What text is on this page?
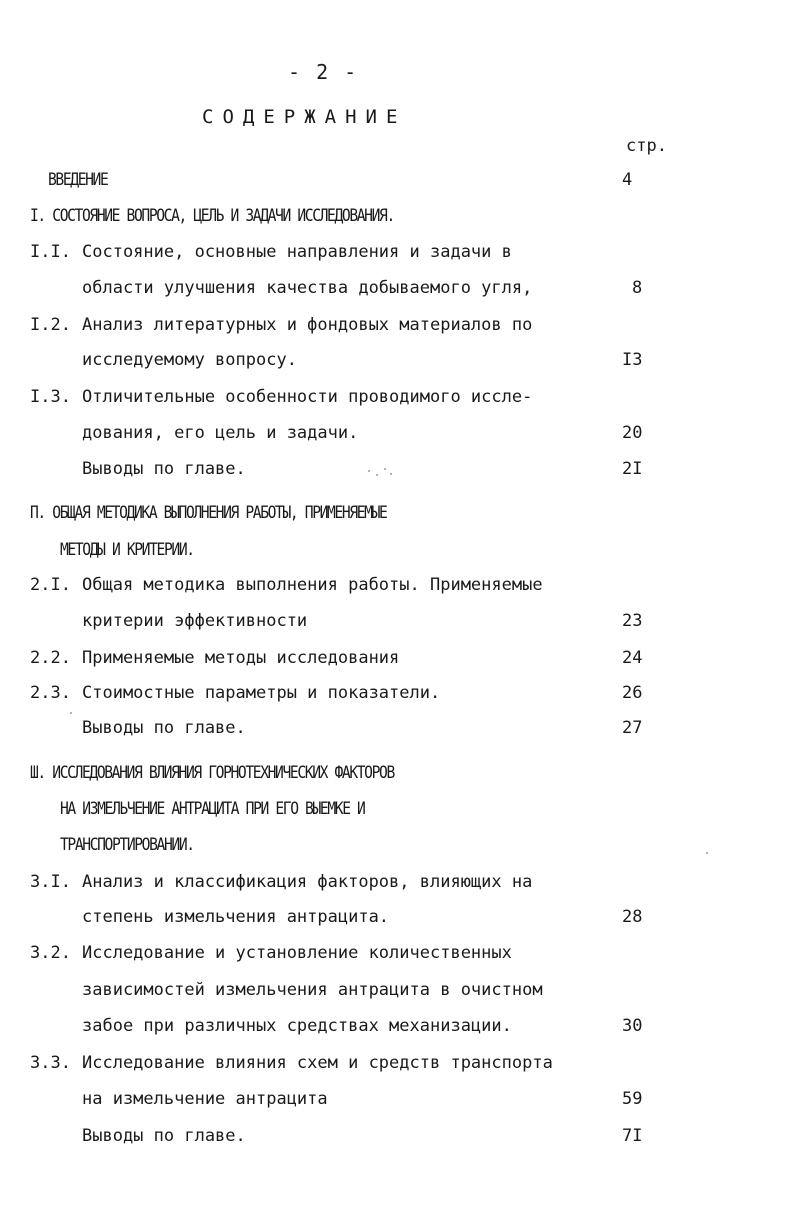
- 2 -
СОДЕРЖАНИЕ
стр.
ВВЕДЕНИЕ	4
I. СОСТОЯНИЕ ВОПРОСА, ЦЕЛЬ И ЗАДАЧИ ИССЛЕДОВАНИЯ.
I.I. Состояние, основные направления и задачи в
области улучшения качества добываемого угля,	8
I.2. Анализ литературных и фондовых материалов по
исследуемому вопросу.	I3
I.3. Отличительные особенности проводимого иссле-
дования, его цель и задачи.	20
Выводы по главе.	2I
П. ОБЩАЯ МЕТОДИКА ВЫПОЛНЕНИЯ РАБОТЫ, ПРИМЕНЯЕМЫЕ
МЕТОДЫ И КРИТЕРИИ.
2.I. Общая методика выполнения работы. Применяемые
критерии эффективности	23
2.2. Применяемые методы исследования	24
2.3. Стоимостные параметры и показатели.	26
Выводы по главе.	27
Ш. ИССЛЕДОВАНИЯ ВЛИЯНИЯ ГОРНОТЕХНИЧЕСКИХ ФАКТОРОВ
НА ИЗМЕЛЬЧЕНИЕ АНТРАЦИТА ПРИ ЕГО ВЫЕМКЕ И
ТРАНСПОРТИРОВАНИИ.
3.I. Анализ и классификация факторов, влияющих на
степень измельчения антрацита.	28
3.2. Исследование и установление количественных
зависимостей измельчения антрацита в очистном
забое при различных средствах механизации.	30
3.3. Исследование влияния схем и средств транспорта
на измельчение антрацита	59
Выводы по главе.	7I
